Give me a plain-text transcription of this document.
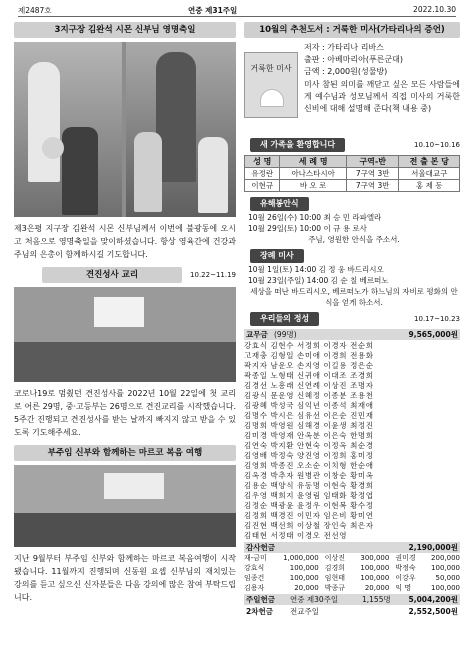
제2487호	연중 제31주일	2022.10.30
3지구장 김완석 시몬 신부님 영명축일
제3은평 지구장 김완석 시몬 신부님께서 이번에 불광동에 오시고 처음으로 영명축일을 맞이하셨습니다. 항상 영육간에 건강과 주님의 은총이 함께하시길 기도합니다.
견진성사 교리	10.22~11.19
코로나19로 멈췄던 견진성사를 2022년 10월 22일에 첫 교리로 어른 29명, 중·고등부는 26명으로 견진교리를 시작했습니다. 5주간 진행되고 견진성사를 받는 날까지 빠지지 않고 받을 수 있도록 기도해주세요.
부주임 신부와 함께하는 마르코 복음 여행
지난 9월부터 부주임 신부와 함께하는 마르코 복음여행이 시작됐습니다. 11월까지 진행되며 신동원 요셉 신부님의 재치있는 강의를 듣고 싶으신 신자분들은 다음 강의에 많은 참여 부탁드립니다.
10월의 추천도서 : 거룩한 미사(가타리나의 증언)
거룩한 미사
저자 : 가타리나 리바스
출판 : 아베마리아(푸른군대)
금액 : 2,000원(성물방)
미사 참된 의미를 깨닫고 싶은 모든 사람들에게 예수님과 성모님께서 직접 미사의 거룩한 신비에 대해 설명해 준다(책 내용 중)
새 가족을 환영합니다	10.10~10.16
성 명	세 례 명	구역-반	전 출 본 당
유정란	아나스타시아	7구역 3반	서울대교구
이현규	바 오 로	7구역 3반	홍 제 동
유해봉안식
10월 26일(수) 10:00 최 승 민 라파엘라
10월 29일(토) 10:00 이 규 용 로사
주님, 영원한 안식을 주소서.
장례 미사
10월 1일(토) 14:00 김 정 웅 바드리시오
10월 23일(주일) 14:00 김 순 칠 베르떠노
세상을 떠난 바드리시오, 베르떠노가 하느님의 자비로 평화의 안식을 얻게 하소서.
우리들의 정성	10.17~10.23
교무금 (99명)	9,565,000원
강효식 김현수 서정희 이경자 전순희
고재충 김형일 손미애 이경희 전용화
곽지자 남운오 손지영 이길용 정은순
곽종일 노형태 신귀애 이대조 조경희
김경선 노흥래 신연례 이상진 조명자
김광식 문운영 신혜정 이종분 조용천
김광혜 박성국 심익년 이종석 최재애
김명수 박시은 심유선 이은순 진민재
김명희 박영원 심해경 이윤생 최정진
김미경 박영재 안옥분 이은숙 한명희
김연숙 박지환 안현숙 이정옥 최순경
김영배 박정숙 양진영 이정희 홍미정
김영희 박종진 오소순 이치형 한순애
김옥경 박추자 원병관 이창순 황미옥
김용순 백양식 유동명 이현숙 황경희
김우영 백희지 윤영림 임태화 황정엽
김정순 백광윤 윤정우 이현복 황수정
김정희 백경진 이민자 임은비 황미연
김진현 백선희 이상철 장인숙 최은자
김태현 서정태 이경오 전선영
감사헌금	2,190,000원
재-금미	1,000,000	이상진	300,000	권미경	200,000
강효식	100,000	김경희	100,000	박정숙	100,000
임종건	100,000	임현태	100,000	이강우	50,000
김용자	20,000	박종규	20,000	익 명	100,000
주일헌금 연중 제30주일	1,155명 5,004,200원
2차헌금 전교주일	2,552,500원
